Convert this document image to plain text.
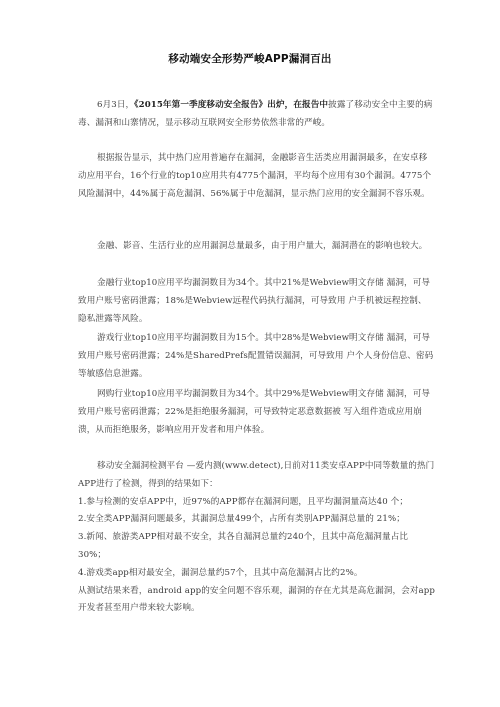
移动端安全形势严峻APP漏洞百出
6月3日，《2015年第一季度移动安全报告》出炉，在报告中披露了移动安全中主要的病毒、漏洞和山寨情况，显示移动互联网安全形势依然非常的严峻。
根据报告显示，其中热门应用普遍存在漏洞，金融影音生活类应用漏洞最多，在安卓移动应用平台，16个行业的top10应用共有4775个漏洞，平均每个应用有30个漏洞。4775个风险漏洞中，44%属于高危漏洞、56%属于中危漏洞，显示热门应用的安全漏洞不容乐观。
金融、影音、生活行业的应用漏洞总量最多，由于用户量大，漏洞潜在的影响也较大。
金融行业top10应用平均漏洞数目为34个。其中21%是Webview明文存储 漏洞，可导致用户账号密码泄露；18%是Webview远程代码执行漏洞，可导致用 户手机被远程控制、隐私泄露等风险。
游戏行业top10应用平均漏洞数目为15个。其中28%是Webview明文存储 漏洞，可导致用户账号密码泄露；24%是SharedPrefs配置错误漏洞，可导致用 户个人身份信息、密码等敏感信息泄露。
网购行业top10应用平均漏洞数目为34个。其中29%是Webview明文存储 漏洞，可导致用户账号密码泄露；22%是拒绝服务漏洞，可导致特定恶意数据被 写入组件造成应用崩溃，从而拒绝服务，影响应用开发者和用户体验。
移动安全漏洞检测平台 —爱内测(www.detect),日前对11类安卓APP中同等数量的热门APP进行了检测，得到的结果如下：
1.参与检测的安卓APP中，近97%的APP都存在漏洞问题，且平均漏洞量高达40 个；
2.安全类APP漏洞问题最多，其漏洞总量499个，占所有类别APP漏洞总量的 21%；
3.新闻、旅游类APP相对最不安全，其各自漏洞总量约240个，且其中高危漏洞量占比30%；
4.游戏类app相对最安全，漏洞总量约57个，且其中高危漏洞占比约2%。
从测试结果来看，android app的安全问题不容乐观，漏洞的存在尤其是高危漏洞，会对app开发者甚至用户带来较大影响。
